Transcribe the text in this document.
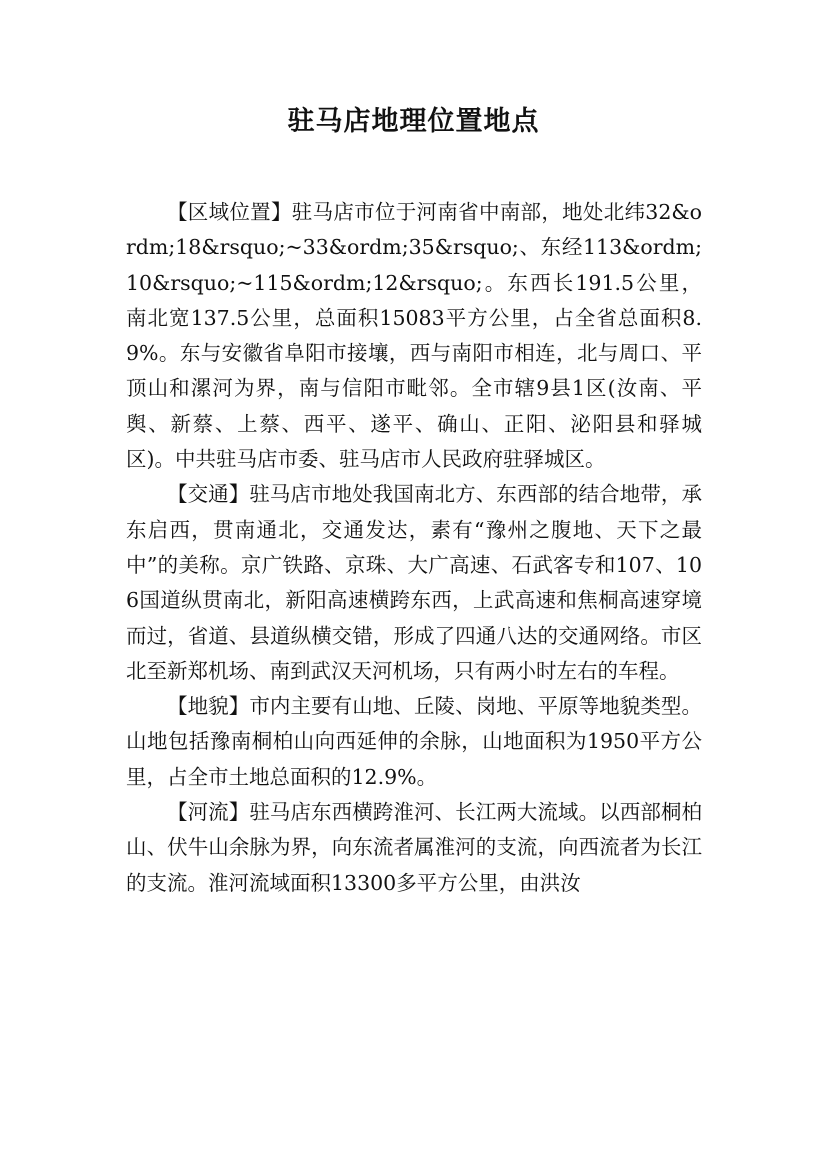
驻马店地理位置地点

【区域位置】驻马店市位于河南省中南部，地处北纬32&ordm;18&rsquo;~33&ordm;35&rsquo;、东经113&ordm;10&rsquo;~115&ordm;12&rsquo;。东西长191.5公里，南北宽137.5公里，总面积15083平方公里，占全省总面积8.9%。东与安徽省阜阳市接壤，西与南阳市相连，北与周口、平顶山和漯河为界，南与信阳市毗邻。全市辖9县1区(汝南、平舆、新蔡、上蔡、西平、遂平、确山、正阳、泌阳县和驿城区)。中共驻马店市委、驻马店市人民政府驻驿城区。

【交通】驻马店市地处我国南北方、东西部的结合地带，承东启西，贯南通北，交通发达，素有“豫州之腹地、天下之最中”的美称。京广铁路、京珠、大广高速、石武客专和107、106国道纵贯南北，新阳高速横跨东西，上武高速和焦桐高速穿境而过，省道、县道纵横交错，形成了四通八达的交通网络。市区北至新郑机场、南到武汉天河机场，只有两小时左右的车程。

【地貌】市内主要有山地、丘陵、岗地、平原等地貌类型。山地包括豫南桐柏山向西延伸的余脉，山地面积为1950平方公里，占全市土地总面积的12.9%。

【河流】驻马店东西横跨淮河、长江两大流域。以西部桐柏山、伏牛山余脉为界，向东流者属淮河的支流，向西流者为长江的支流。淮河流域面积13300多平方公里，由洪汝
